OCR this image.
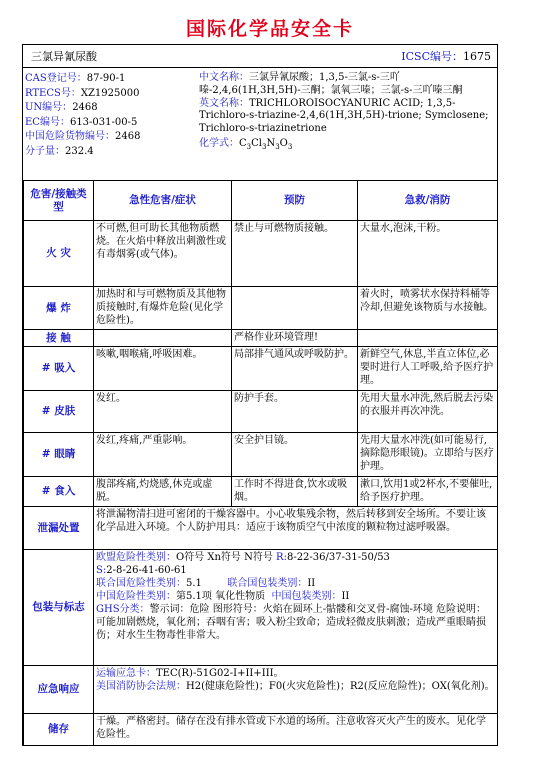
国际化学品安全卡
三氯异氰尿酸	ICSC编号：1675
CAS登记号：87-90-1
RTECS号：XZ1925000
UN编号：2468
EC编号：613-031-00-5
中国危险货物编号：2468
分子量：232.4
中文名称：三氯异氰尿酸；1,3,5-三氯-s-三吖嗪-2,4,6(1H,3H,5H)-三酮；氯氧三嗪；三氯-s-三吖嗪三酮
英文名称：TRICHLOROISOCYANURIC ACID; 1,3,5-Trichloro-s-triazine-2,4,6(1H,3H,5H)-trione; Symclosene; Trichloro-s-triazinetrione
化学式：$C_3Cl_3N_3O_3$
危害/接触类型	急性危害/症状	预防	急救/消防
火 灾	不可燃,但可助长其他物质燃烧。在火焰中释放出刺激性或有毒烟雾(或气体)。	禁止与可燃物质接触。	大量水,泡沫,干粉。
爆 炸	加热时和与可燃物质及其他物质接触时,有爆炸危险(见化学危险性)。		着火时，喷雾状水保持料桶等冷却,但避免该物质与水接触。
接 触		严格作业环境管理!	
# 吸入	咳嗽,咽喉痛,呼吸困难。	局部排气通风或呼吸防护。	新鲜空气,休息,半直立体位,必要时进行人工呼吸,给予医疗护理。
# 皮肤	发红。	防护手套。	先用大量水冲洗,然后脱去污染的衣服并再次冲洗。
# 眼睛	发红,疼痛,严重影响。	安全护目镜。	先用大量水冲洗(如可能易行,摘除隐形眼镜)。立即给与医疗护理。
# 食入	腹部疼痛,灼烧感,休克或虚脱。	工作时不得进食,饮水或吸烟。	漱口,饮用1或2杯水,不要催吐,给予医疗护理。
泄漏处置	将泄漏物清扫进可密闭的干燥容器中。小心收集残余物，然后转移到安全场所。不要让该化学品进入环境。个人防护用具：适应于该物质空气中浓度的颗粒物过滤呼吸器。		
包装与标志	欧盟危险性类别：O符号 Xn符号 N符号 R:8-22-36/37-31-50/53
S:2-8-26-41-60-61
联合国危险性类别：5.1 联合国包装类别：II
中国危险性类别：第5.1项 氧化性物质 中国包装类别：II
GHS分类：警示词：危险 图形符号：火焰在圆环上-骷髅和交叉骨-腐蚀-环境 危险说明：可能加剧燃烧，氧化剂；吞咽有害；吸入粉尘致命；造成轻微皮肤刺激；造成严重眼睛损伤；对水生生物毒性非常大。		

应急响应	运输应急卡：TEC(R)-51G02-I+II+III。
美国消防协会法规：H2(健康危险性)；F0(火灾危险性)；R2(反应危险性)；OX(氧化剂)。		

储存	干燥。严格密封。储存在没有排水管或下水道的场所。注意收容灭火产生的废水。见化学危险性。		
